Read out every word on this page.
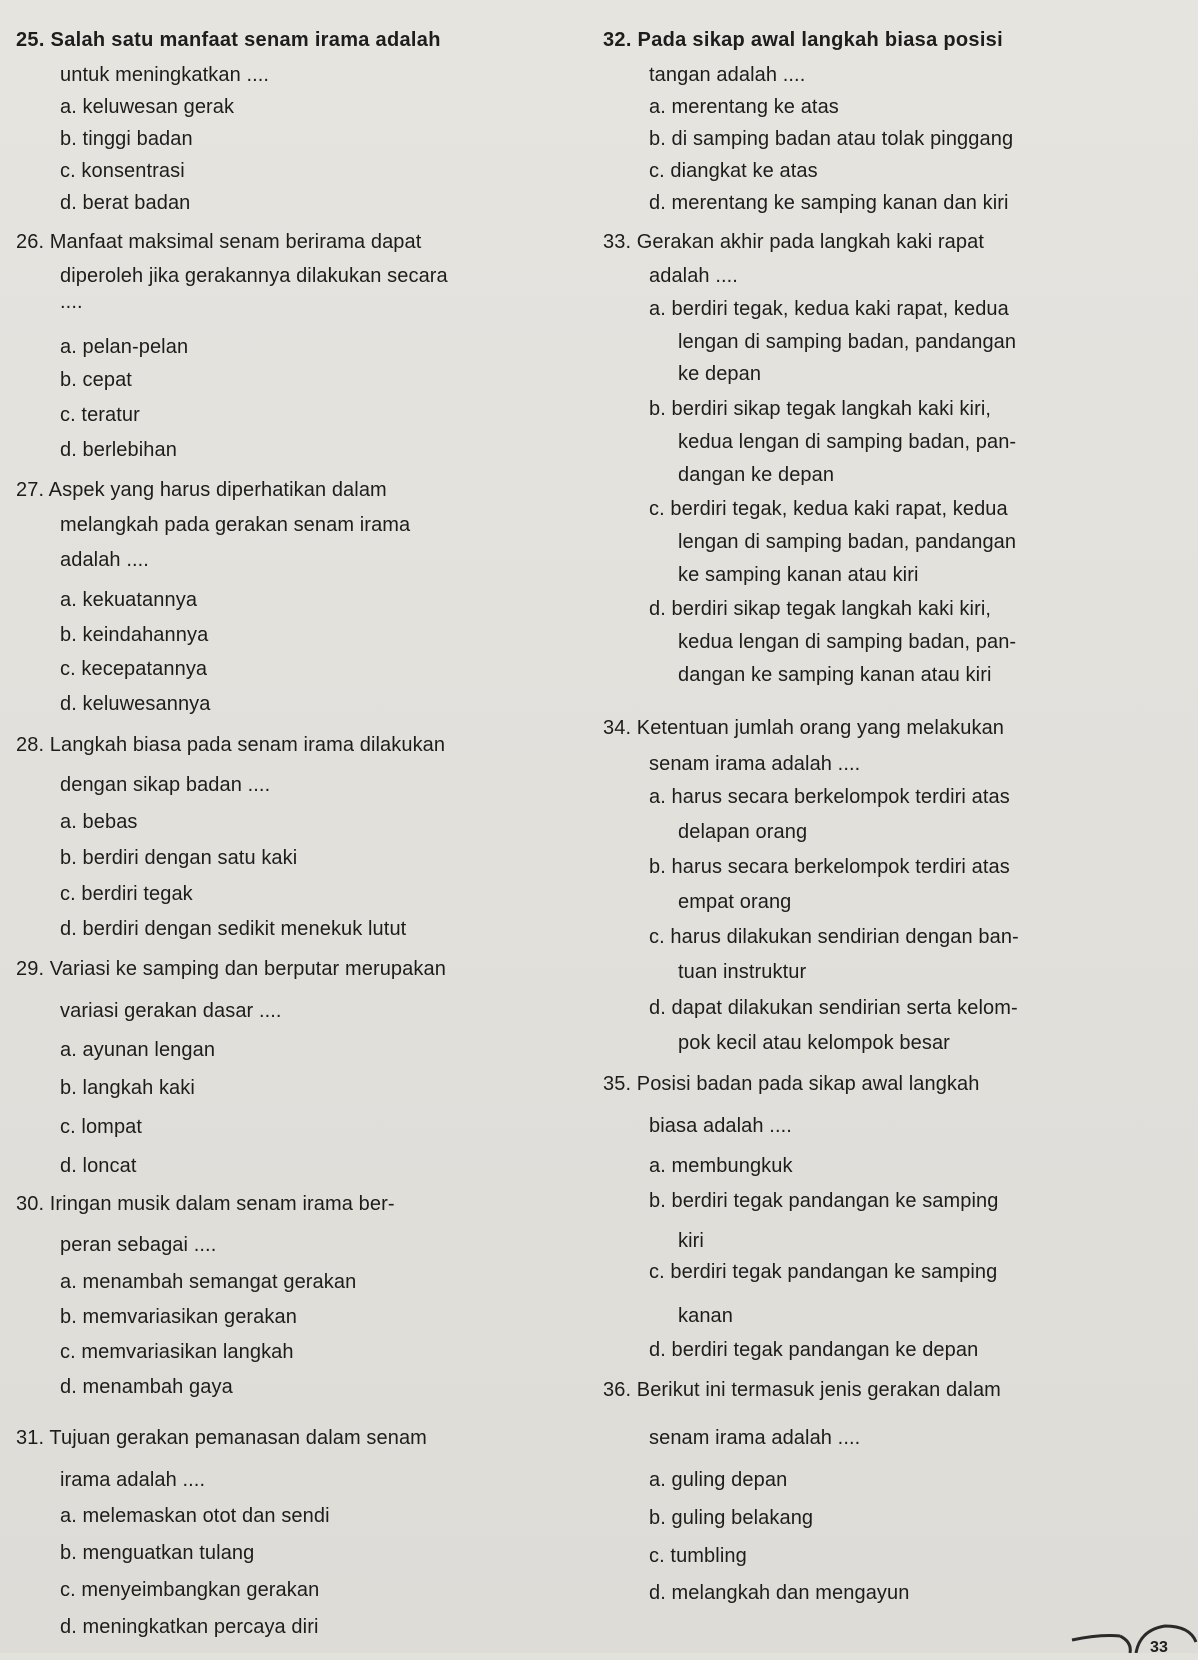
25. Salah satu manfaat senam irama adalah
untuk meningkatkan ....
a. keluwesan gerak
b. tinggi badan
c. konsentrasi
d. berat badan
26. Manfaat maksimal senam berirama dapat
diperoleh jika gerakannya dilakukan secara
....
a. pelan-pelan
b. cepat
c. teratur
d. berlebihan
27. Aspek yang harus diperhatikan dalam
melangkah pada gerakan senam irama
adalah ....
a. kekuatannya
b. keindahannya
c. kecepatannya
d. keluwesannya
28. Langkah biasa pada senam irama dilakukan
dengan sikap badan ....
a. bebas
b. berdiri dengan satu kaki
c. berdiri tegak
d. berdiri dengan sedikit menekuk lutut
29. Variasi ke samping dan berputar merupakan
variasi gerakan dasar ....
a. ayunan lengan
b. langkah kaki
c. lompat
d. loncat
30. Iringan musik dalam senam irama ber-
peran sebagai ....
a. menambah semangat gerakan
b. memvariasikan gerakan
c. memvariasikan langkah
d. menambah gaya
31. Tujuan gerakan pemanasan dalam senam
irama adalah ....
a. melemaskan otot dan sendi
b. menguatkan tulang
c. menyeimbangkan gerakan
d. meningkatkan percaya diri
32. Pada sikap awal langkah biasa posisi
tangan adalah ....
a. merentang ke atas
b. di samping badan atau tolak pinggang
c. diangkat ke atas
d. merentang ke samping kanan dan kiri
33. Gerakan akhir pada langkah kaki rapat
adalah ....
a. berdiri tegak, kedua kaki rapat, kedua
lengan di samping badan, pandangan
ke depan
b. berdiri sikap tegak langkah kaki kiri,
kedua lengan di samping badan, pan-
dangan ke depan
c. berdiri tegak, kedua kaki rapat, kedua
lengan di samping badan, pandangan
ke samping kanan atau kiri
d. berdiri sikap tegak langkah kaki kiri,
kedua lengan di samping badan, pan-
dangan ke samping kanan atau kiri
34. Ketentuan jumlah orang yang melakukan
senam irama adalah ....
a. harus secara berkelompok terdiri atas
delapan orang
b. harus secara berkelompok terdiri atas
empat orang
c. harus dilakukan sendirian dengan ban-
tuan instruktur
d. dapat dilakukan sendirian serta kelom-
pok kecil atau kelompok besar
35. Posisi badan pada sikap awal langkah
biasa adalah ....
a. membungkuk
b. berdiri tegak pandangan ke samping
kiri
c. berdiri tegak pandangan ke samping
kanan
d. berdiri tegak pandangan ke depan
36. Berikut ini termasuk jenis gerakan dalam
senam irama adalah ....
a. guling depan
b. guling belakang
c. tumbling
d. melangkah dan mengayun
33
